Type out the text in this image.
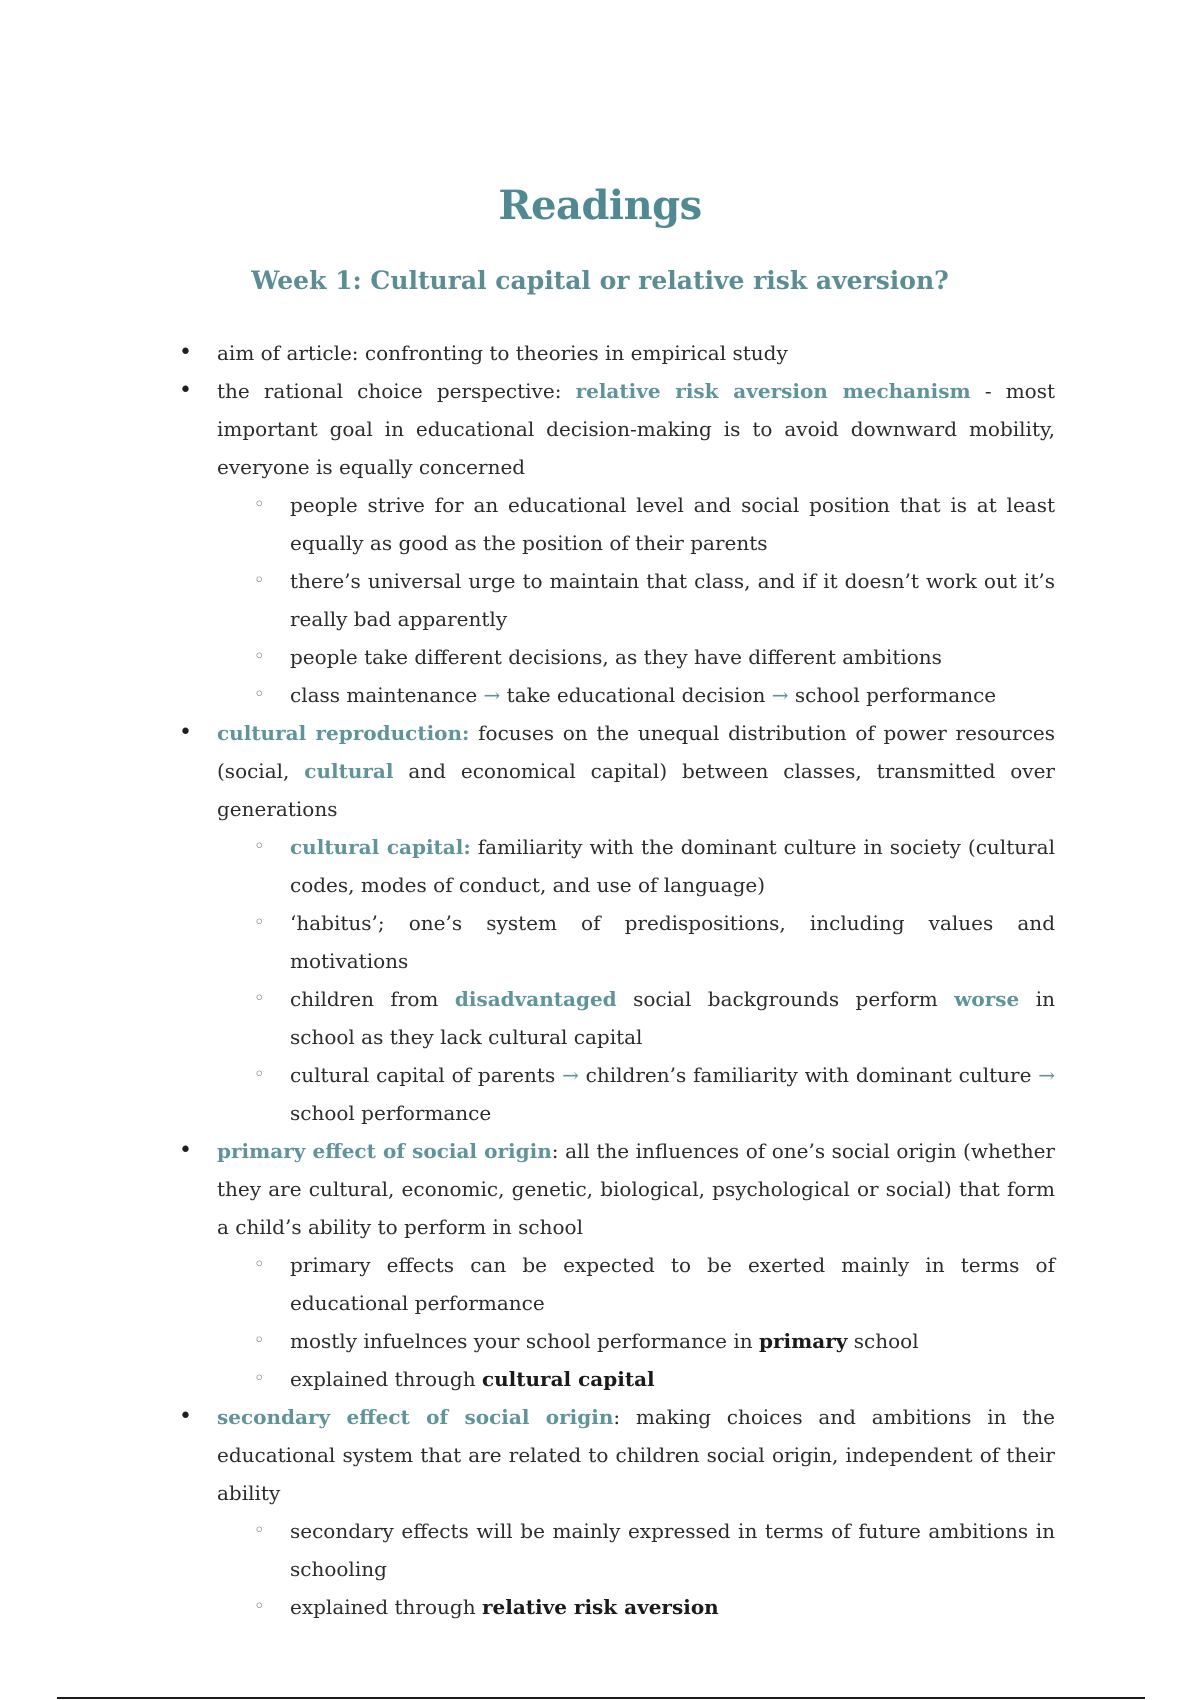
Readings
Week 1: Cultural capital or relative risk aversion?
• aim of article: confronting to theories in empirical study
• the rational choice perspective: relative risk aversion mechanism - most important goal in educational decision-making is to avoid downward mobility, everyone is equally concerned
◦ people strive for an educational level and social position that is at least equally as good as the position of their parents
◦ there’s universal urge to maintain that class, and if it doesn’t work out it’s really bad apparently
◦ people take different decisions, as they have different ambitions
◦ class maintenance → take educational decision → school performance
• cultural reproduction: focuses on the unequal distribution of power resources (social, cultural and economical capital) between classes, transmitted over generations
◦ cultural capital: familiarity with the dominant culture in society (cultural codes, modes of conduct, and use of language)
◦ ‘habitus’; one’s system of predispositions, including values and motivations
◦ children from disadvantaged social backgrounds perform worse in school as they lack cultural capital
◦ cultural capital of parents → children’s familiarity with dominant culture → school performance
• primary effect of social origin: all the influences of one’s social origin (whether they are cultural, economic, genetic, biological, psychological or social) that form a child’s ability to perform in school
◦ primary effects can be expected to be exerted mainly in terms of educational performance
◦ mostly infuelnces your school performance in primary school
◦ explained through cultural capital
• secondary effect of social origin: making choices and ambitions in the educational system that are related to children social origin, independent of their ability
◦ secondary effects will be mainly expressed in terms of future ambitions in schooling
◦ explained through relative risk aversion
